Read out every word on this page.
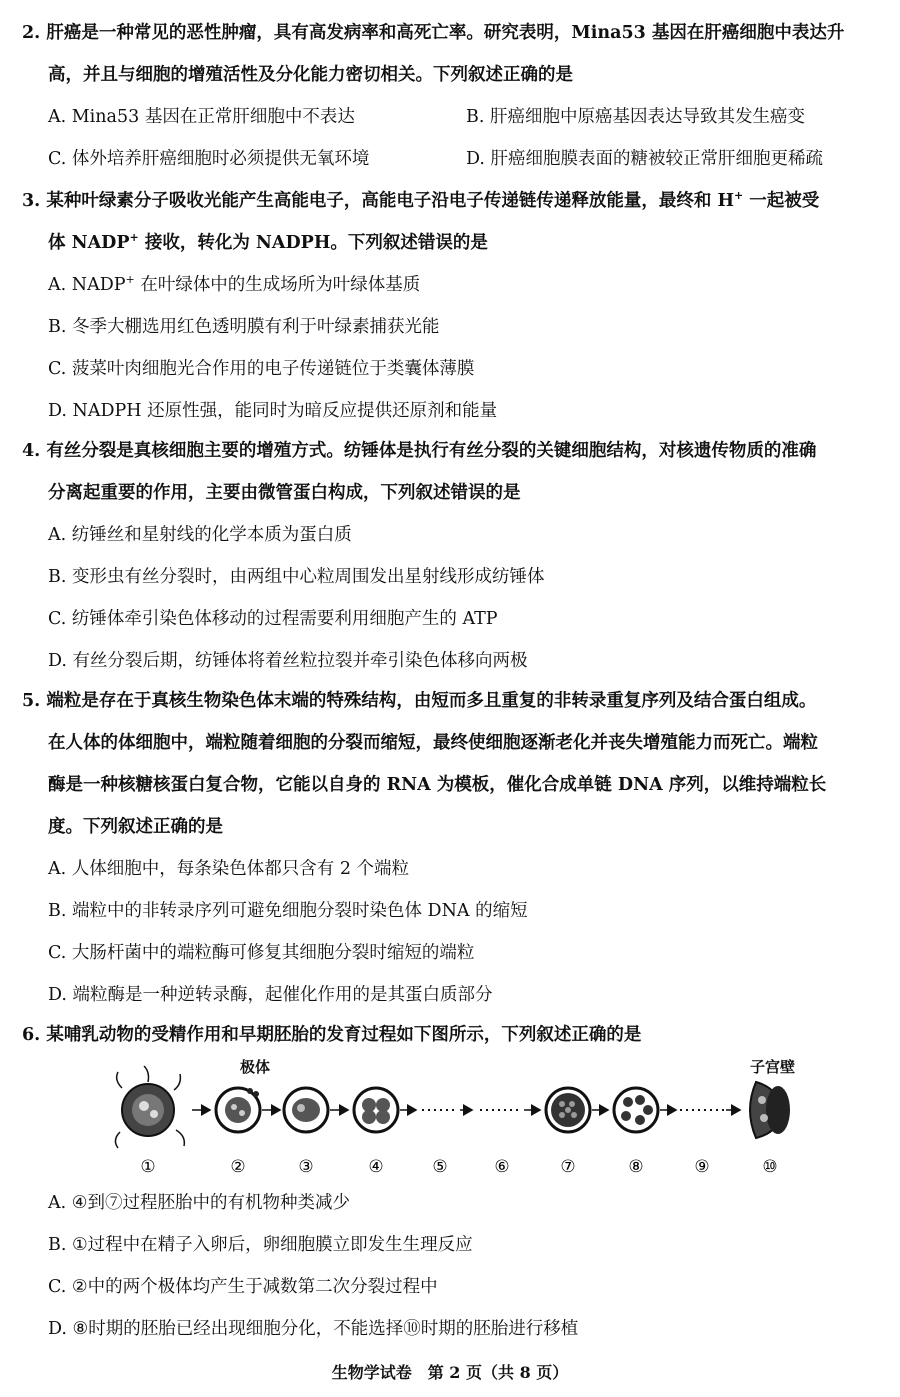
2. 肝癌是一种常见的恶性肿瘤，具有高发病率和高死亡率。研究表明，Mina53 基因在肝癌细胞中表达升
高，并且与细胞的增殖活性及分化能力密切相关。下列叙述正确的是
A. Mina53 基因在正常肝细胞中不表达	B. 肝癌细胞中原癌基因表达导致其发生癌变
C. 体外培养肝癌细胞时必须提供无氧环境	D. 肝癌细胞膜表面的糖被较正常肝细胞更稀疏
3. 某种叶绿素分子吸收光能产生高能电子，高能电子沿电子传递链传递释放能量，最终和 H+ 一起被受
体 NADP+ 接收，转化为 NADPH。下列叙述错误的是
A. NADP+ 在叶绿体中的生成场所为叶绿体基质
B. 冬季大棚选用红色透明膜有利于叶绿素捕获光能
C. 菠菜叶肉细胞光合作用的电子传递链位于类囊体薄膜
D. NADPH 还原性强，能同时为暗反应提供还原剂和能量
4. 有丝分裂是真核细胞主要的增殖方式。纺锤体是执行有丝分裂的关键细胞结构，对核遗传物质的准确
分离起重要的作用，主要由微管蛋白构成，下列叙述错误的是
A. 纺锤丝和星射线的化学本质为蛋白质
B. 变形虫有丝分裂时，由两组中心粒周围发出星射线形成纺锤体
C. 纺锤体牵引染色体移动的过程需要利用细胞产生的 ATP
D. 有丝分裂后期，纺锤体将着丝粒拉裂并牵引染色体移向两极
5. 端粒是存在于真核生物染色体末端的特殊结构，由短而多且重复的非转录重复序列及结合蛋白组成。
在人体的体细胞中，端粒随着细胞的分裂而缩短，最终使细胞逐渐老化并丧失增殖能力而死亡。端粒
酶是一种核糖核蛋白复合物，它能以自身的 RNA 为模板，催化合成单链 DNA 序列，以维持端粒长
度。下列叙述正确的是
A. 人体细胞中，每条染色体都只含有 2 个端粒
B. 端粒中的非转录序列可避免细胞分裂时染色体 DNA 的缩短
C. 大肠杆菌中的端粒酶可修复其细胞分裂时缩短的端粒
D. 端粒酶是一种逆转录酶，起催化作用的是其蛋白质部分
6. 某哺乳动物的受精作用和早期胚胎的发育过程如下图所示，下列叙述正确的是
极体	子宫壁
①	②	③	④	⑤	⑥	⑦	⑧	⑨	⑩
A. ④到⑦过程胚胎中的有机物种类减少
B. ①过程中在精子入卵后，卵细胞膜立即发生生理反应
C. ②中的两个极体均产生于减数第二次分裂过程中
D. ⑧时期的胚胎已经出现细胞分化，不能选择⑩时期的胚胎进行移植
生物学试卷　第 2 页（共 8 页）
